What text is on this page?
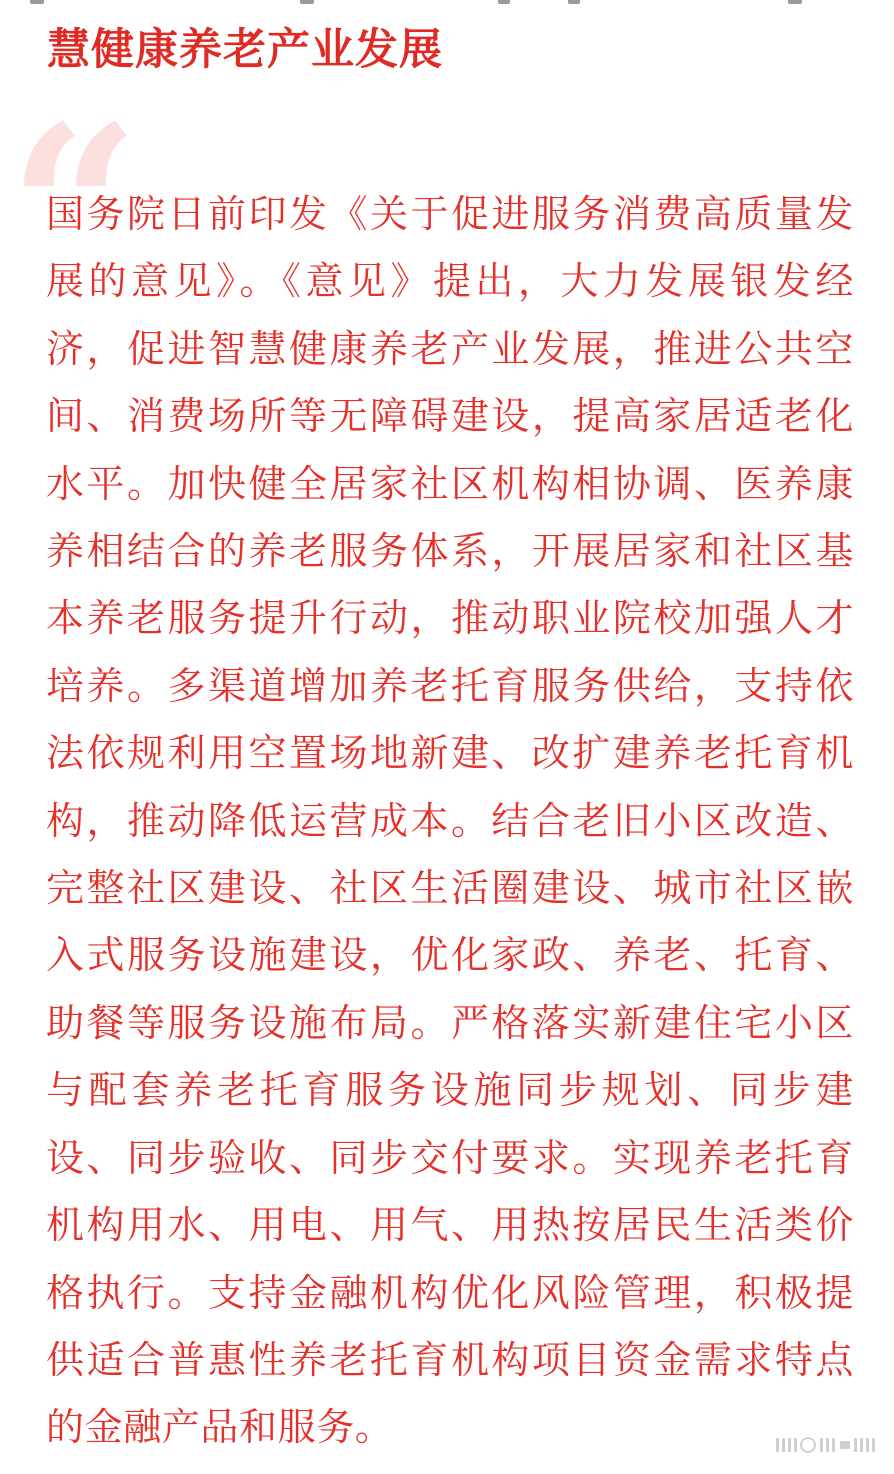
慧健康养老产业发展
“

国务院日前印发《关于促进服务消费高质量发展的意见》。《意见》提出，大力发展银发经济，促进智慧健康养老产业发展，推进公共空间、消费场所等无障碍建设，提高家居适老化水平。加快健全居家社区机构相协调、医养康养相结合的养老服务体系，开展居家和社区基本养老服务提升行动，推动职业院校加强人才培养。多渠道增加养老托育服务供给，支持依法依规利用空置场地新建、改扩建养老托育机构，推动降低运营成本。结合老旧小区改造、完整社区建设、社区生活圈建设、城市社区嵌入式服务设施建设，优化家政、养老、托育、助餐等服务设施布局。严格落实新建住宅小区与配套养老托育服务设施同步规划、同步建设、同步验收、同步交付要求。实现养老托育机构用水、用电、用气、用热按居民生活类价格执行。支持金融机构优化风险管理，积极提供适合普惠性养老托育机构项目资金需求特点的金融产品和服务。
